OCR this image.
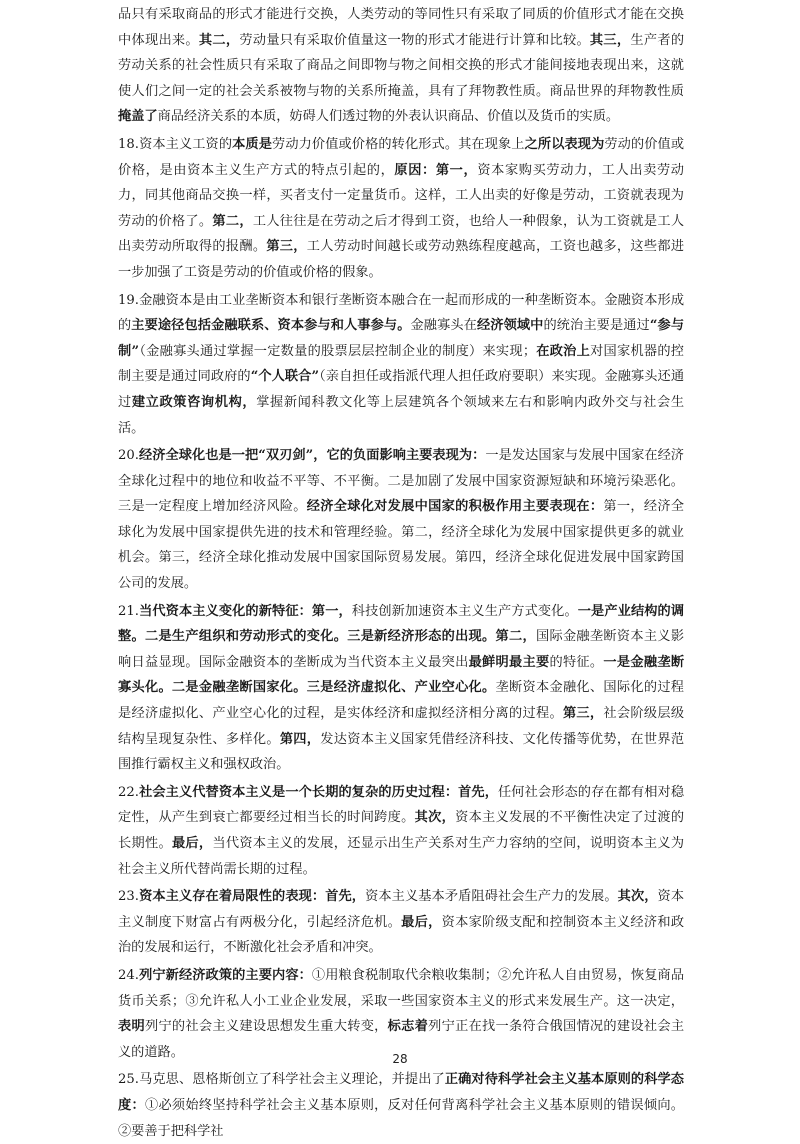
品只有采取商品的形式才能进行交换，人类劳动的等同性只有采取了同质的价值形式才能在交换中体现出来。其二，劳动量只有采取价值量这一物的形式才能进行计算和比较。其三，生产者的劳动关系的社会性质只有采取了商品之间即物与物之间相交换的形式才能间接地表现出来，这就使人们之间一定的社会关系被物与物的关系所掩盖，具有了拜物教性质。商品世界的拜物教性质掩盖了商品经济关系的本质，妨碍人们透过物的外表认识商品、价值以及货币的实质。

18.资本主义工资的本质是劳动力价值或价格的转化形式。其在现象上之所以表现为劳动的价值或价格，是由资本主义生产方式的特点引起的，原因：第一，资本家购买劳动力，工人出卖劳动力，同其他商品交换一样，买者支付一定量货币。这样，工人出卖的好像是劳动，工资就表现为劳动的价格了。第二，工人往往是在劳动之后才得到工资，也给人一种假象，认为工资就是工人出卖劳动所取得的报酬。第三，工人劳动时间越长或劳动熟练程度越高，工资也越多，这些都进一步加强了工资是劳动的价值或价格的假象。

19.金融资本是由工业垄断资本和银行垄断资本融合在一起而形成的一种垄断资本。金融资本形成的主要途径包括金融联系、资本参与和人事参与。金融寡头在经济领域中的统治主要是通过“参与制”（金融寡头通过掌握一定数量的股票层层控制企业的制度）来实现；在政治上对国家机器的控制主要是通过同政府的“个人联合”（亲自担任或指派代理人担任政府要职）来实现。金融寡头还通过建立政策咨询机构，掌握新闻科教文化等上层建筑各个领域来左右和影响内政外交与社会生活。

20.经济全球化也是一把“双刃剑”，它的负面影响主要表现为：一是发达国家与发展中国家在经济全球化过程中的地位和收益不平等、不平衡。二是加剧了发展中国家资源短缺和环境污染恶化。三是一定程度上增加经济风险。经济全球化对发展中国家的积极作用主要表现在：第一，经济全球化为发展中国家提供先进的技术和管理经验。第二，经济全球化为发展中国家提供更多的就业机会。第三，经济全球化推动发展中国家国际贸易发展。第四，经济全球化促进发展中国家跨国公司的发展。

21.当代资本主义变化的新特征：第一，科技创新加速资本主义生产方式变化。一是产业结构的调整。二是生产组织和劳动形式的变化。三是新经济形态的出现。第二，国际金融垄断资本主义影响日益显现。国际金融资本的垄断成为当代资本主义最突出最鲜明最主要的特征。一是金融垄断寡头化。二是金融垄断国家化。三是经济虚拟化、产业空心化。垄断资本金融化、国际化的过程是经济虚拟化、产业空心化的过程，是实体经济和虚拟经济相分离的过程。第三，社会阶级层级结构呈现复杂性、多样化。第四，发达资本主义国家凭借经济科技、文化传播等优势，在世界范围推行霸权主义和强权政治。

22.社会主义代替资本主义是一个长期的复杂的历史过程：首先，任何社会形态的存在都有相对稳定性，从产生到衰亡都要经过相当长的时间跨度。其次，资本主义发展的不平衡性决定了过渡的长期性。最后，当代资本主义的发展，还显示出生产关系对生产力容纳的空间，说明资本主义为社会主义所代替尚需长期的过程。

23.资本主义存在着局限性的表现：首先，资本主义基本矛盾阻碍社会生产力的发展。其次，资本主义制度下财富占有两极分化，引起经济危机。最后，资本家阶级支配和控制资本主义经济和政治的发展和运行，不断激化社会矛盾和冲突。

24.列宁新经济政策的主要内容：①用粮食税制取代余粮收集制；②允许私人自由贸易，恢复商品货币关系；③允许私人小工业企业发展，采取一些国家资本主义的形式来发展生产。这一决定，表明列宁的社会主义建设思想发生重大转变，标志着列宁正在找一条符合俄国情况的建设社会主义的道路。

25.马克思、恩格斯创立了科学社会主义理论，并提出了正确对待科学社会主义基本原则的科学态度：①必须始终坚持科学社会主义基本原则，反对任何背离科学社会主义基本原则的错误倾向。②要善于把科学社

28
